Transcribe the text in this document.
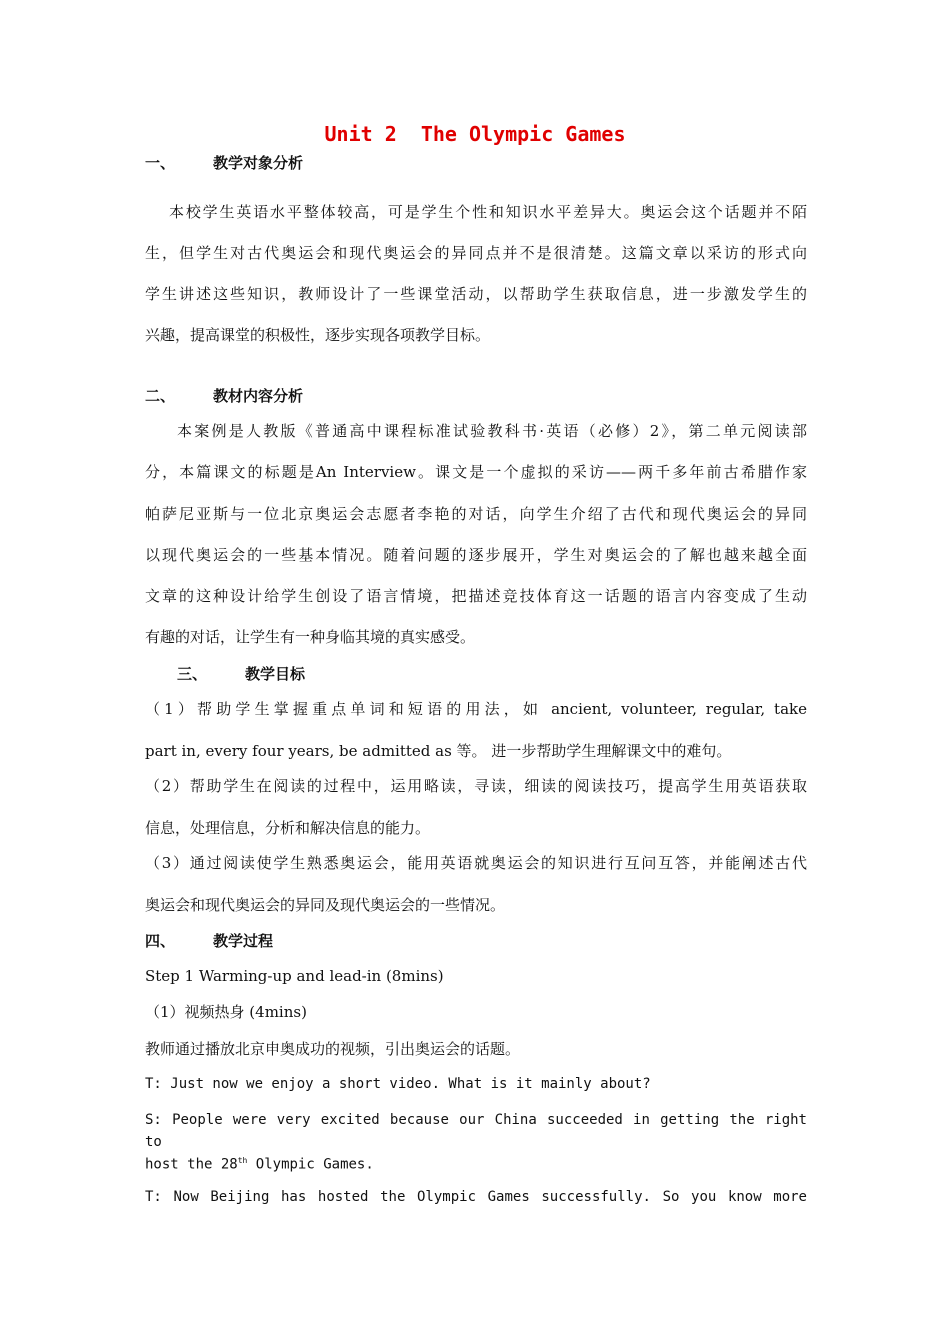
Unit 2  The Olympic Games
一、	教学对象分析
本校学生英语水平整体较高，可是学生个性和知识水平差异大。奥运会这个话题并不陌
生，但学生对古代奥运会和现代奥运会的异同点并不是很清楚。这篇文章以采访的形式向
学生讲述这些知识，教师设计了一些课堂活动，以帮助学生获取信息，进一步激发学生的
兴趣，提高课堂的积极性，逐步实现各项教学目标。
二、	教材内容分析
本案例是人教版《普通高中课程标准试验教科书·英语（必修）2》，第二单元阅读部
分，本篇课文的标题是An Interview。课文是一个虚拟的采访——两千多年前古希腊作家
帕萨尼亚斯与一位北京奥运会志愿者李艳的对话，向学生介绍了古代和现代奥运会的异同
以现代奥运会的一些基本情况。随着问题的逐步展开，学生对奥运会的了解也越来越全面
文章的这种设计给学生创设了语言情境，把描述竞技体育这一话题的语言内容变成了生动
有趣的对话，让学生有一种身临其境的真实感受。
三、	教学目标
（1）帮助学生掌握重点单词和短语的用法，如 ancient, volunteer, regular, take
part in, every four years, be admitted as 等。 进一步帮助学生理解课文中的难句。
（2）帮助学生在阅读的过程中，运用略读，寻读，细读的阅读技巧，提高学生用英语获取
信息，处理信息，分析和解决信息的能力。
（3）通过阅读使学生熟悉奥运会，能用英语就奥运会的知识进行互问互答，并能阐述古代
奥运会和现代奥运会的异同及现代奥运会的一些情况。
四、	教学过程
Step 1 Warming-up and lead-in (8mins)
（1）视频热身 (4mins)
教师通过播放北京申奥成功的视频，引出奥运会的话题。
T: Just now we enjoy a short video. What is it mainly about?
S: People were very excited because our China succeeded in getting the right to
host the 28th Olympic Games.
T: Now Beijing has hosted the Olympic Games successfully. So you know more
